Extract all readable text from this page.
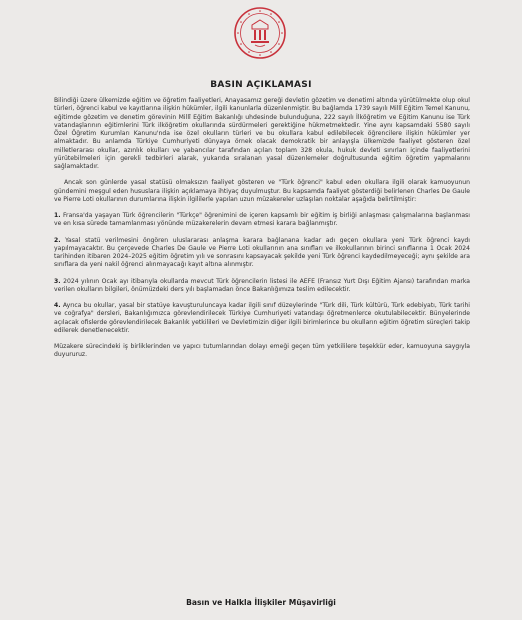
BASIN AÇIKLAMASI

Bilindiği üzere ülkemizde eğitim ve öğretim faaliyetleri, Anayasamız gereği devletin gözetim ve denetimi altında yürütülmekte olup okul türleri, öğrenci kabul ve kayıtlarına ilişkin hükümler, ilgili kanunlarla düzenlenmiştir. Bu bağlamda 1739 sayılı Millî Eğitim Temel Kanunu, eğitimde gözetim ve denetim görevinin Millî Eğitim Bakanlığı uhdesinde bulunduğuna, 222 sayılı İlköğretim ve Eğitim Kanunu ise Türk vatandaşlarının eğitimlerini Türk ilköğretim okullarında sürdürmeleri gerektiğine hükmetmektedir. Yine aynı kapsamdaki 5580 sayılı Özel Öğretim Kurumları Kanunu'nda ise özel okulların türleri ve bu okullara kabul edilebilecek öğrencilere ilişkin hükümler yer almaktadır. Bu anlamda Türkiye Cumhuriyeti dünyaya örnek olacak demokratik bir anlayışla ülkemizde faaliyet gösteren özel milletlerarası okullar, azınlık okulları ve yabancılar tarafından açılan toplam 328 okula, hukuk devleti sınırları içinde faaliyetlerini yürütebilmeleri için gerekli tedbirleri alarak, yukarıda sıralanan yasal düzenlemeler doğrultusunda eğitim öğretim yapmalarını sağlamaktadır.

Ancak son günlerde yasal statüsü olmaksızın faaliyet gösteren ve "Türk öğrenci" kabul eden okullara ilgili olarak kamuoyunun gündemini meşgul eden hususlara ilişkin açıklamaya ihtiyaç duyulmuştur. Bu kapsamda faaliyet gösterdiği belirlenen Charles De Gaule ve Pierre Loti okullarının durumlarına ilişkin ilgililerle yapılan uzun müzakereler uzlaşılan noktalar aşağıda belirtilmiştir:

1. Fransa'da yaşayan Türk öğrencilerin "Türkçe" öğrenimini de içeren kapsamlı bir eğitim iş birliği anlaşması çalışmalarına başlanması ve en kısa sürede tamamlanması yönünde müzakerelerin devam etmesi karara bağlanmıştır.

2. Yasal statü verilmesini öngören uluslararası anlaşma karara bağlanana kadar adı geçen okullara yeni Türk öğrenci kaydı yapılmayacaktır. Bu çerçevede Charles De Gaule ve Pierre Loti okullarının ana sınıfları ve ilkokullarının birinci sınıflarına 1 Ocak 2024 tarihinden itibaren 2024–2025 eğitim öğretim yılı ve sonrasını kapsayacak şekilde yeni Türk öğrenci kaydedilmeyeceği; aynı şekilde ara sınıflara da yeni nakil öğrenci alınmayacağı kayıt altına alınmıştır.

3. 2024 yılının Ocak ayı itibarıyla okullarda mevcut Türk öğrencilerin listesi ile AEFE (Fransız Yurt Dışı Eğitim Ajansı) tarafından marka verilen okulların bilgileri, önümüzdeki ders yılı başlamadan önce Bakanlığımıza teslim edilecektir.

4. Ayrıca bu okullar, yasal bir statüye kavuşturuluncaya kadar ilgili sınıf düzeylerinde "Türk dili, Türk kültürü, Türk edebiyatı, Türk tarihi ve coğrafya" dersleri, Bakanlığımızca görevlendirilecek Türkiye Cumhuriyeti vatandaşı öğretmenlerce okutulabilecektir. Bünyelerinde açılacak ofislerde görevlendirilecek Bakanlık yetkilileri ve Devletimizin diğer ilgili birimlerince bu okulların eğitim öğretim süreçleri takip edilerek denetlenecektir.

Müzakere sürecindeki iş birliklerinden ve yapıcı tutumlarından dolayı emeği geçen tüm yetkililere teşekkür eder, kamuoyuna saygıyla duyururuz.

Basın ve Halkla İlişkiler Müşavirliği
